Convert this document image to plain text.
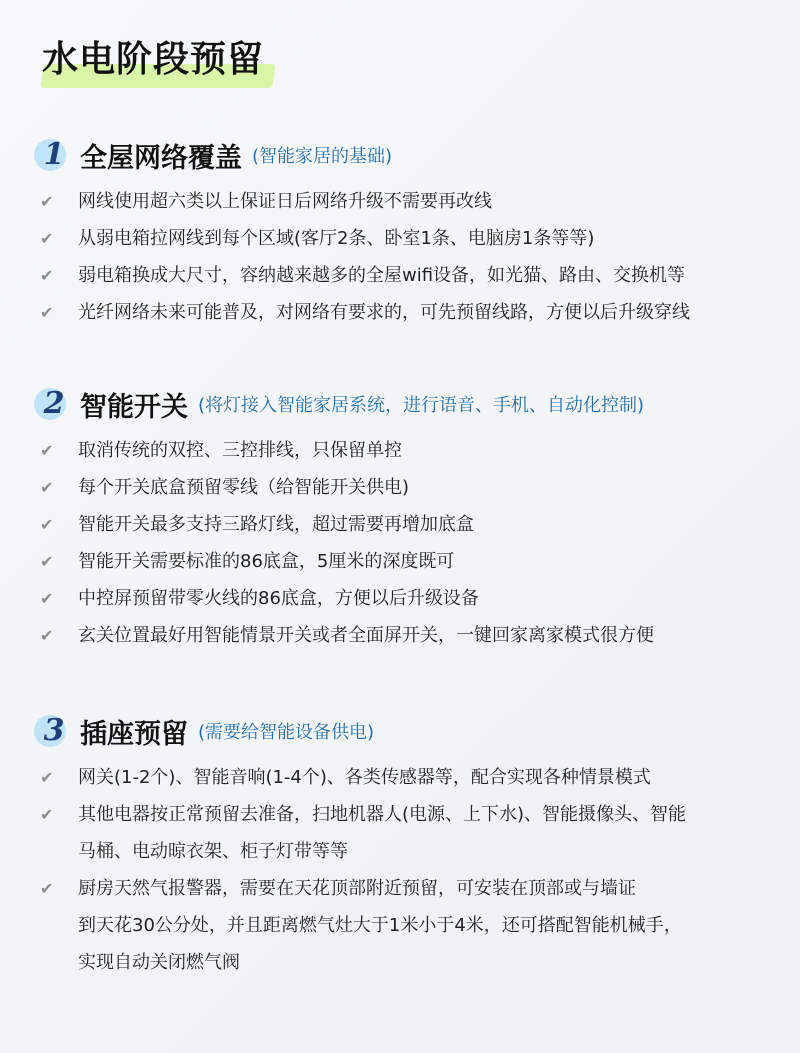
水电阶段预留
1 全屋网络覆盖 (智能家居的基础)
✔	网线使用超六类以上保证日后网络升级不需要再改线
✔	从弱电箱拉网线到每个区域(客厅2条、卧室1条、电脑房1条等等)
✔	弱电箱换成大尺寸，容纳越来越多的全屋wifi设备，如光猫、路由、交换机等
✔	光纤网络未来可能普及，对网络有要求的，可先预留线路，方便以后升级穿线
2 智能开关 (将灯接入智能家居系统，进行语音、手机、自动化控制)
✔	取消传统的双控、三控排线，只保留单控
✔	每个开关底盒预留零线（给智能开关供电)
✔	智能开关最多支持三路灯线，超过需要再增加底盒
✔	智能开关需要标准的86底盒，5厘米的深度既可
✔	中控屏预留带零火线的86底盒，方便以后升级设备
✔	玄关位置最好用智能情景开关或者全面屏开关，一键回家离家模式很方便
3 插座预留 (需要给智能设备供电)
✔	网关(1-2个)、智能音响(1-4个)、各类传感器等，配合实现各种情景模式
✔	其他电器按正常预留去准备，扫地机器人(电源、上下水)、智能摄像头、智能
马桶、电动晾衣架、柜子灯带等等
✔	厨房天然气报警器，需要在天花顶部附近预留，可安装在顶部或与墙证
到天花30公分处，并且距离燃气灶大于1米小于4米，还可搭配智能机械手，
实现自动关闭燃气阀
